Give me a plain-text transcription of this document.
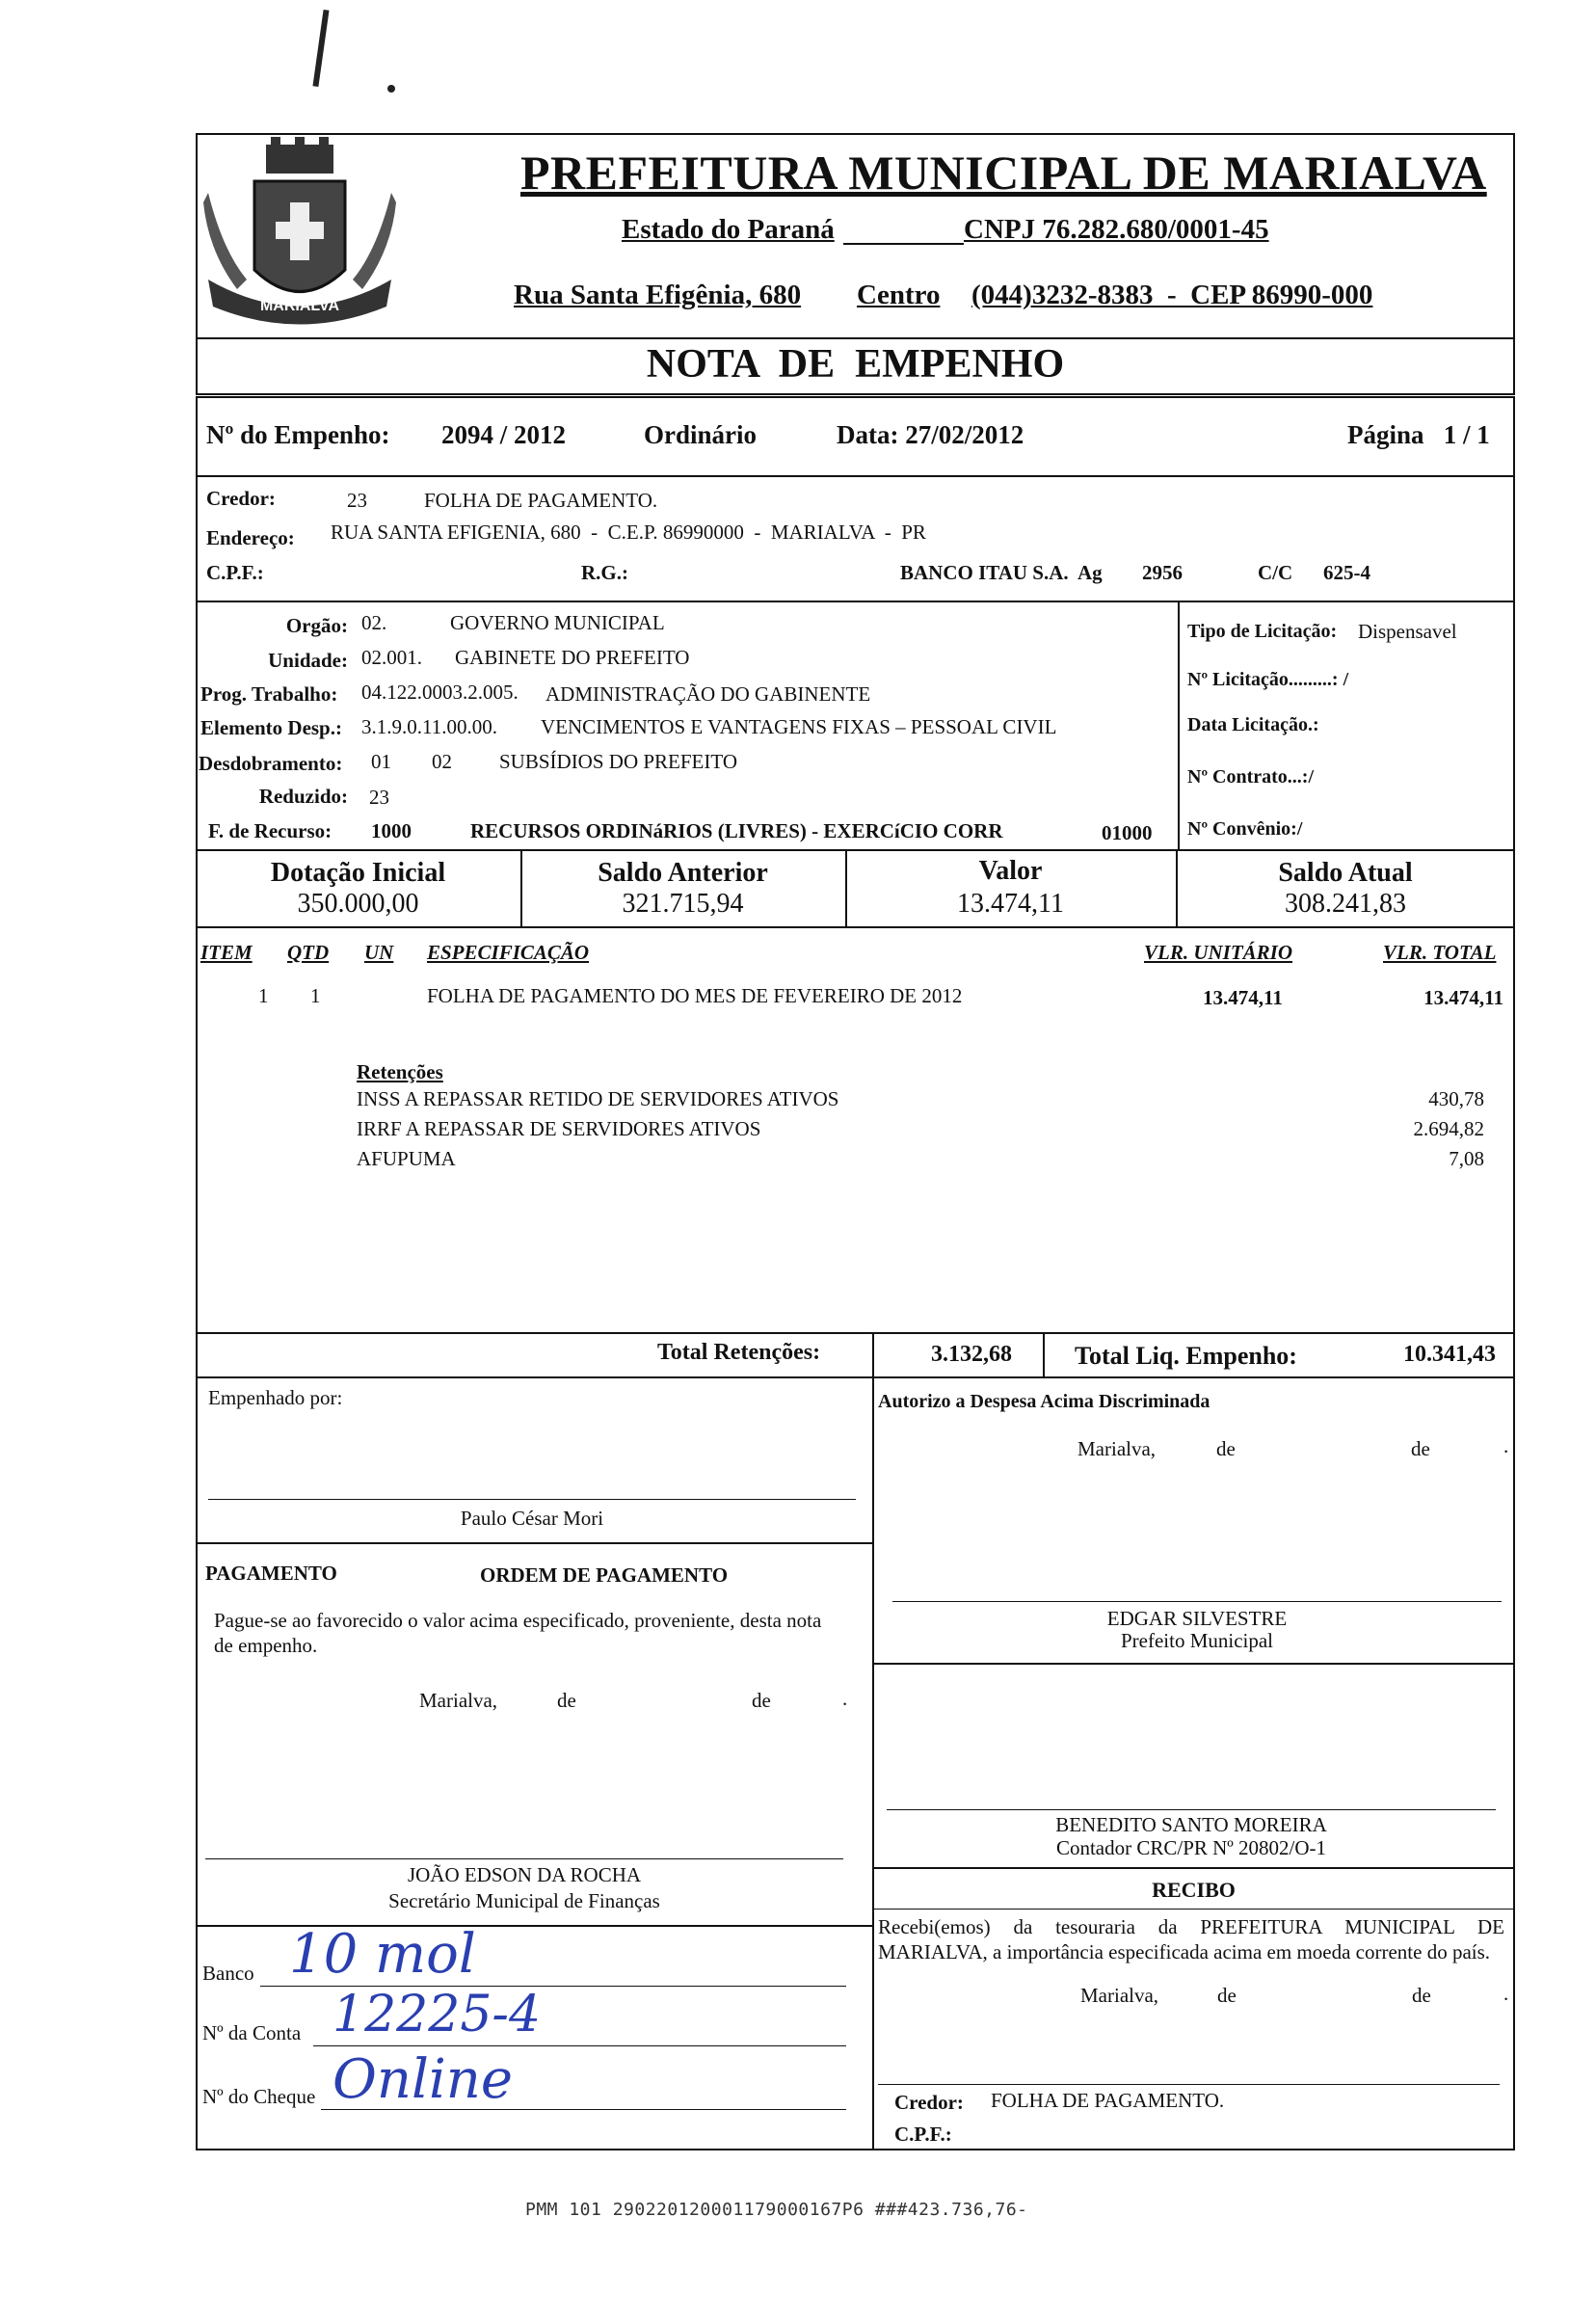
MARIALVA
PREFEITURA MUNICIPAL DE MARIALVA
Estado do Paraná	CNPJ 76.282.680/0001-45
Rua Santa Efigênia, 680 Centro (044)3232-8383  -  CEP 86990-000
NOTA  DE  EMPENHO
Nº do Empenho: 2094 / 2012	Ordinário	Data: 27/02/2012	Página   1 / 1
Credor:	23	FOLHA DE PAGAMENTO.
Endereço: RUA SANTA EFIGENIA, 680  -  C.E.P. 86990000  -  MARIALVA  -  PR
C.P.F.:	R.G.:	BANCO ITAU S.A.  Ag 2956	C/C 625-4
Orgão: 02.	GOVERNO MUNICIPAL
Unidade: 02.001. GABINETE DO PREFEITO
Prog. Trabalho: 04.122.0003.2.005. ADMINISTRAÇÃO DO GABINENTE
Elemento Desp.: 3.1.9.0.11.00.00. VENCIMENTOS E VANTAGENS FIXAS – PESSOAL CIVIL
Desdobramento: 01 02 SUBSÍDIOS DO PREFEITO
Reduzido: 23
F. de Recurso: 1000	RECURSOS ORDINáRIOS (LIVRES) - EXERCíCIO CORR	01000
Tipo de Licitação: Dispensavel
Nº Licitação.........: /
Data Licitação.:
Nº Contrato...:/
Nº Convênio:/
Dotação Inicial
350.000,00
Saldo Anterior
321.715,94
Valor
13.474,11
Saldo Atual
308.241,83
ITEM QTD UN ESPECIFICAÇÃO	VLR. UNITÁRIO	VLR. TOTAL
1 1	FOLHA DE PAGAMENTO DO MES DE FEVEREIRO DE 2012	13.474,11	13.474,11
Retenções
INSS A REPASSAR RETIDO DE SERVIDORES ATIVOS	430,78
IRRF A REPASSAR DE SERVIDORES ATIVOS	2.694,82
AFUPUMA	7,08
Total Retenções:	3.132,68	Total Liq. Empenho:	10.341,43
Empenhado por:
Paulo César Mori
Autorizo a Despesa Acima Discriminada
Marialva,	de	de	.
EDGAR SILVESTRE
Prefeito Municipal
BENEDITO SANTO MOREIRA
Contador CRC/PR Nº 20802/O-1
PAGAMENTO	ORDEM DE PAGAMENTO
Pague-se ao favorecido o valor acima especificado, proveniente, desta nota de empenho.
Marialva,	de	de	.
JOÃO EDSON DA ROCHA
Secretário Municipal de Finanças
Banco 10 mol
Nº da Conta 12225-4
Nº do Cheque Online
RECIBO
Recebi(emos) da tesouraria da PREFEITURA MUNICIPAL DE MARIALVA, a importância especificada acima em moeda corrente do país.
Marialva,	de	de	.
Credor: FOLHA DE PAGAMENTO.
C.P.F.:
PMM 101 290220120001179000167P6 ###423.736,76-
